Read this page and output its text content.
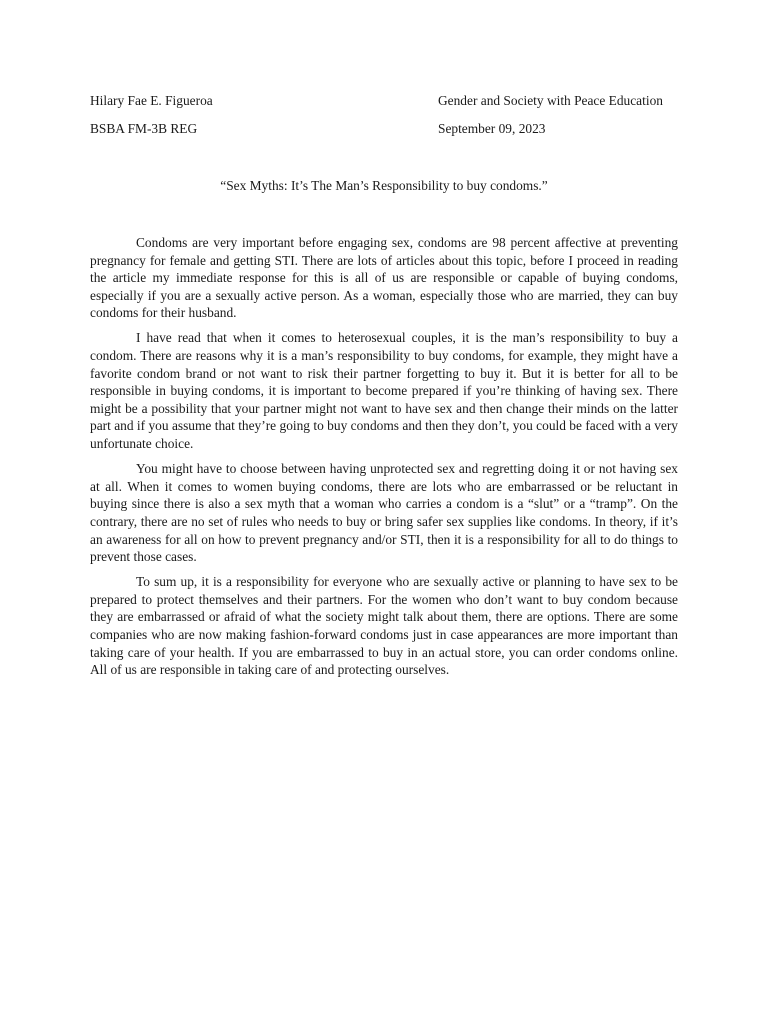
Hilary Fae E. Figueroa	Gender and Society with Peace Education
BSBA FM-3B REG	September 09, 2023
“Sex Myths: It’s The Man’s Responsibility to buy condoms.”

Condoms are very important before engaging sex, condoms are 98 percent affective at preventing pregnancy for female and getting STI. There are lots of articles about this topic, before I proceed in reading the article my immediate response for this is all of us are responsible or capable of buying condoms, especially if you are a sexually active person. As a woman, especially those who are married, they can buy condoms for their husband.

I have read that when it comes to heterosexual couples, it is the man’s responsibility to buy a condom. There are reasons why it is a man’s responsibility to buy condoms, for example, they might have a favorite condom brand or not want to risk their partner forgetting to buy it. But it is better for all to be responsible in buying condoms, it is important to become prepared if you’re thinking of having sex. There might be a possibility that your partner might not want to have sex and then change their minds on the latter part and if you assume that they’re going to buy condoms and then they don’t, you could be faced with a very unfortunate choice.

You might have to choose between having unprotected sex and regretting doing it or not having sex at all. When it comes to women buying condoms, there are lots who are embarrassed or be reluctant in buying since there is also a sex myth that a woman who carries a condom is a “slut” or a “tramp”. On the contrary, there are no set of rules who needs to buy or bring safer sex supplies like condoms. In theory, if it’s an awareness for all on how to prevent pregnancy and/or STI, then it is a responsibility for all to do things to prevent those cases.

To sum up, it is a responsibility for everyone who are sexually active or planning to have sex to be prepared to protect themselves and their partners. For the women who don’t want to buy condom because they are embarrassed or afraid of what the society might talk about them, there are options. There are some companies who are now making fashion-forward condoms just in case appearances are more important than taking care of your health. If you are embarrassed to buy in an actual store, you can order condoms online. All of us are responsible in taking care of and protecting ourselves.
